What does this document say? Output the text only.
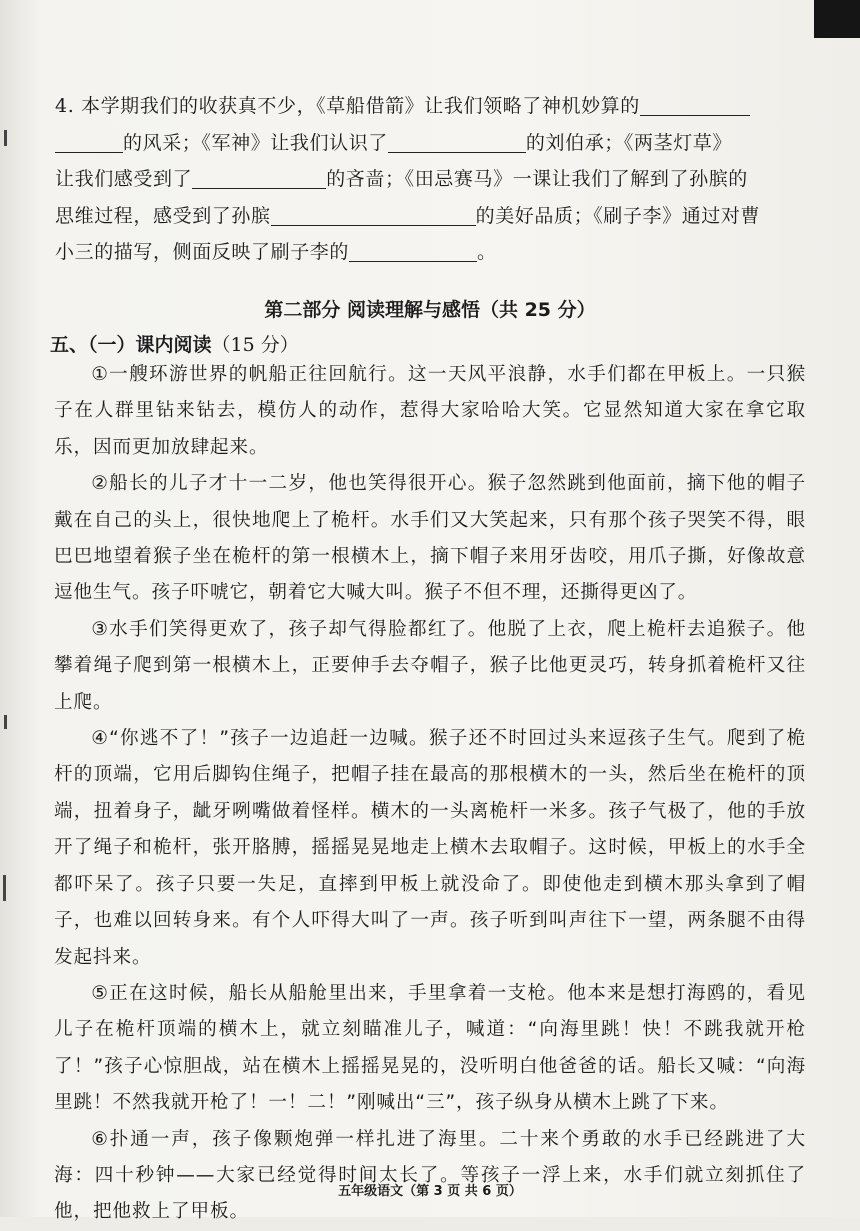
4. 本学期我们的收获真不少，《草船借箭》让我们领略了神机妙算的
的风采；《军神》让我们认识了	的刘伯承；《两茎灯草》
让我们感受到了	的吝啬；《田忌赛马》一课让我们了解到了孙膑的
思维过程，感受到了孙膑	的美好品质；《刷子李》通过对曹
小三的描写，侧面反映了刷子李的	。
第二部分 阅读理解与感悟（共 25 分）
五、（一）课内阅读（15 分）

①一艘环游世界的帆船正往回航行。这一天风平浪静，水手们都在甲板上。一只猴子在人群里钻来钻去，模仿人的动作，惹得大家哈哈大笑。它显然知道大家在拿它取乐，因而更加放肆起来。

②船长的儿子才十一二岁，他也笑得很开心。猴子忽然跳到他面前，摘下他的帽子戴在自己的头上，很快地爬上了桅杆。水手们又大笑起来，只有那个孩子哭笑不得，眼巴巴地望着猴子坐在桅杆的第一根横木上，摘下帽子来用牙齿咬，用爪子撕，好像故意逗他生气。孩子吓唬它，朝着它大喊大叫。猴子不但不理，还撕得更凶了。

③水手们笑得更欢了，孩子却气得脸都红了。他脱了上衣，爬上桅杆去追猴子。他攀着绳子爬到第一根横木上，正要伸手去夺帽子，猴子比他更灵巧，转身抓着桅杆又往上爬。

④“你逃不了！”孩子一边追赶一边喊。猴子还不时回过头来逗孩子生气。爬到了桅杆的顶端，它用后脚钩住绳子，把帽子挂在最高的那根横木的一头，然后坐在桅杆的顶端，扭着身子，龇牙咧嘴做着怪样。横木的一头离桅杆一米多。孩子气极了，他的手放开了绳子和桅杆，张开胳膊，摇摇晃晃地走上横木去取帽子。这时候，甲板上的水手全都吓呆了。孩子只要一失足，直摔到甲板上就没命了。即使他走到横木那头拿到了帽子，也难以回转身来。有个人吓得大叫了一声。孩子听到叫声往下一望，两条腿不由得发起抖来。

⑤正在这时候，船长从船舱里出来，手里拿着一支枪。他本来是想打海鸥的，看见儿子在桅杆顶端的横木上，就立刻瞄准儿子，喊道：“向海里跳！快！不跳我就开枪了！”孩子心惊胆战，站在横木上摇摇晃晃的，没听明白他爸爸的话。船长又喊：“向海里跳！不然我就开枪了！一！二！”刚喊出“三”，孩子纵身从横木上跳了下来。

⑥扑通一声，孩子像颗炮弹一样扎进了海里。二十来个勇敢的水手已经跳进了大海：四十秒钟——大家已经觉得时间太长了。等孩子一浮上来，水手们就立刻抓住了他，把他救上了甲板。

五年级语文（第 3 页 共 6 页）
